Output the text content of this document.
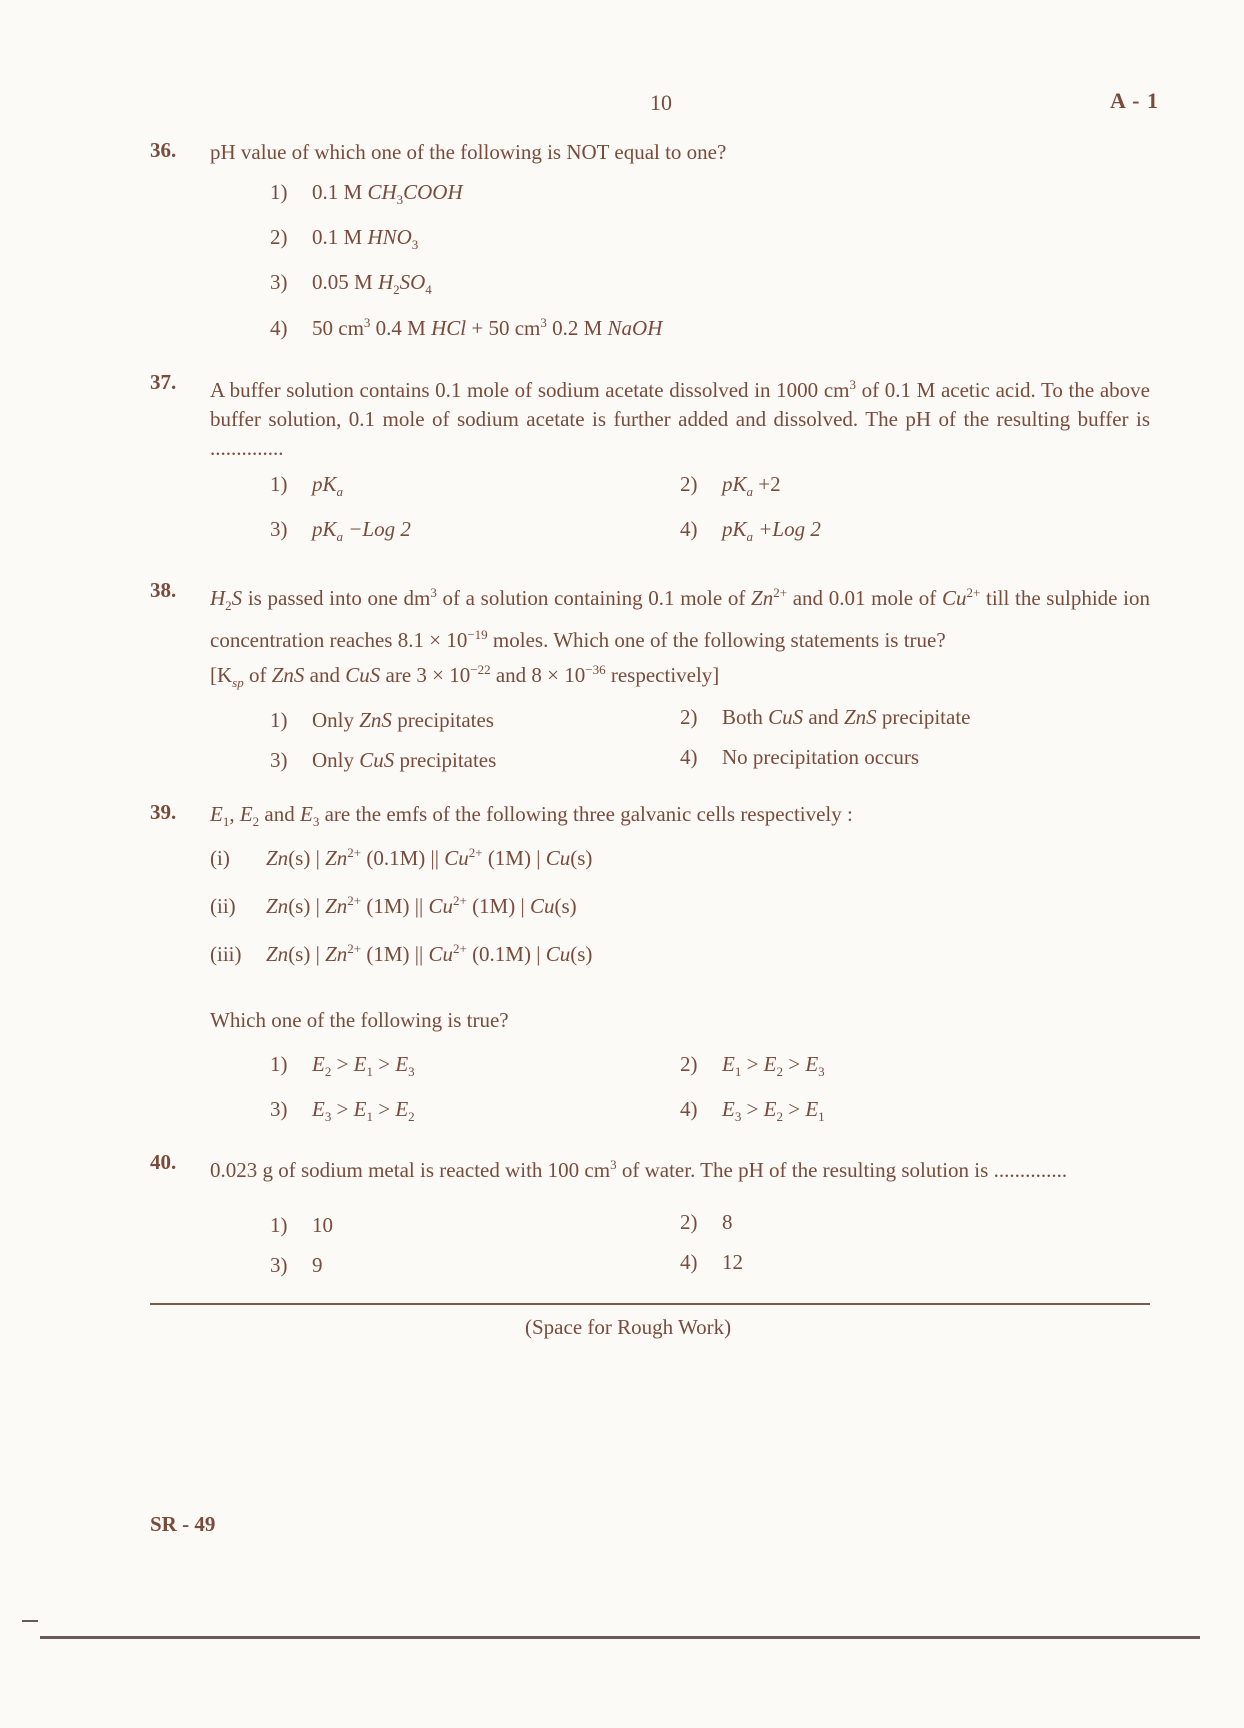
10	A - 1
36. pH value of which one of the following is NOT equal to one?
1) 0.1 M $CH_3COOH$
2) 0.1 M $HNO_3$
3) 0.05 M $H_2SO_4$
4) 50 $cm^3$ 0.4 M HCl + 50 $cm^3$ 0.2 M NaOH
37. A buffer solution contains 0.1 mole of sodium acetate dissolved in 1000 $cm^3$ of 0.1 M acetic acid. To the above buffer solution, 0.1 mole of sodium acetate is further added and dissolved. The pH of the resulting buffer is ..............
1) $pK_a$	2) $pK_a +2$
3) $pK_a -Log$ 2	4) $pK_a +Log$ 2
38. $H_2S$ is passed into one $dm^3$ of a solution containing 0.1 mole of $Zn^{2+}$ and 0.01 mole of $Cu^{2+}$ till the sulphide ion concentration reaches $8.1 \times 10^{-19}$ moles. Which one of the following statements is true?
[$K_{sp}$ of ZnS and CuS are $3 \times 10^{-22}$ and $8 \times 10^{-36}$ respectively]
1) Only ZnS precipitates	2) Both CuS and ZnS precipitate
3) Only CuS precipitates	4) No precipitation occurs
39. $E_1$, $E_2$ and $E_3$ are the emfs of the following three galvanic cells respectively :
(i) Zn(s) | $Zn^{2+}$ (0.1M) || $Cu^{2+}$ (1M) | Cu(s)
(ii) Zn(s) | $Zn^{2+}$ (1M) || $Cu^{2+}$ (1M) | Cu(s)
(iii) Zn(s) | $Zn^{2+}$ (1M) || $Cu^{2+}$ (0.1M) | Cu(s)
Which one of the following is true?
1) $E_2 > E_1 > E_3$	2) $E_1 > E_2 > E_3$
3) $E_3 > E_1 > E_2$	4) $E_3 > E_2 > E_1$
40. 0.023 g of sodium metal is reacted with 100 $cm^3$ of water. The pH of the resulting solution is ..............
1) 10	2) 8
3) 9	4) 12
(Space for Rough Work)
SR - 49
